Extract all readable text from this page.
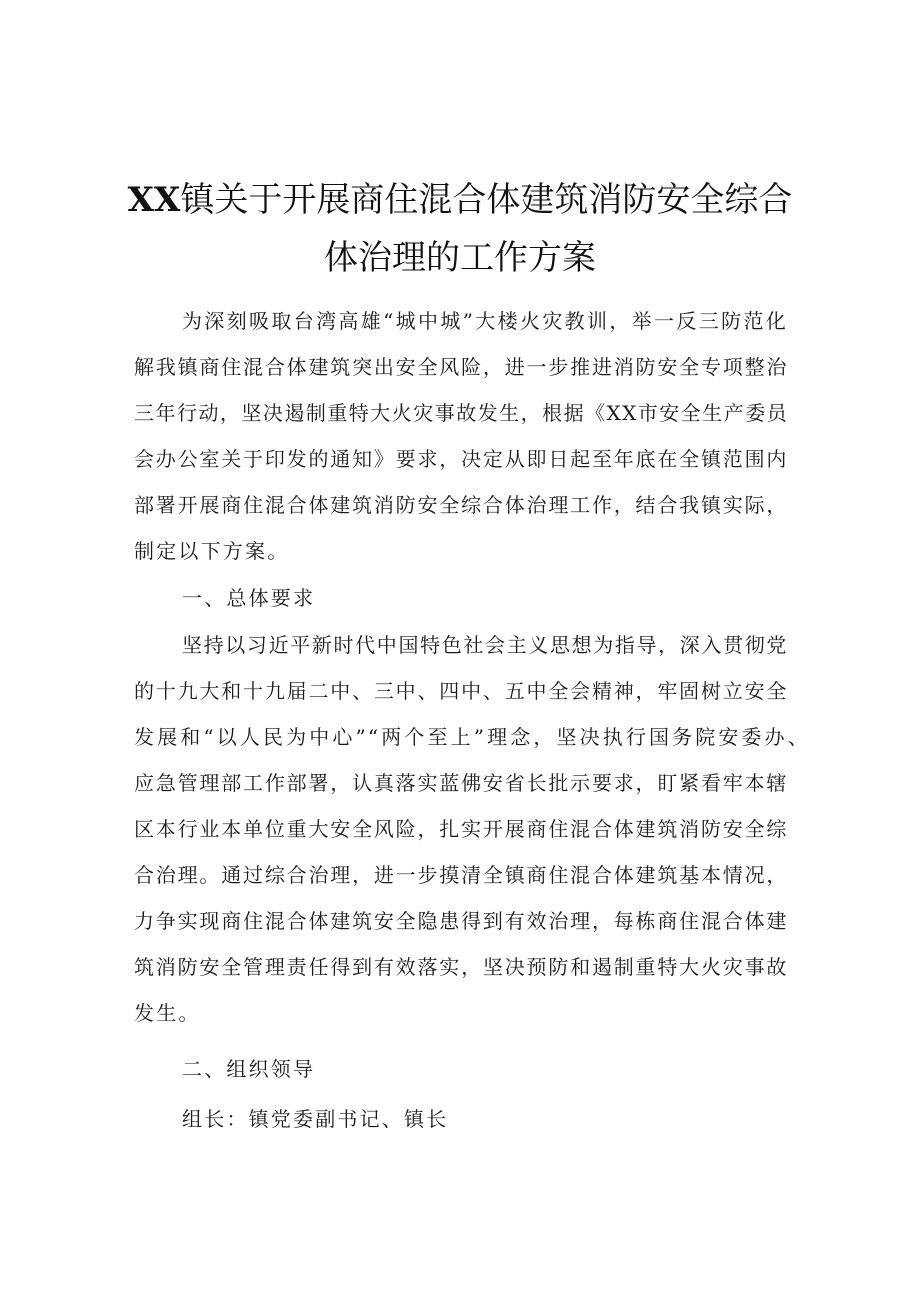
XX镇关于开展商住混合体建筑消防安全综合
体治理的工作方案

为深刻吸取台湾高雄“城中城”大楼火灾教训，举一反三防范化

解我镇商住混合体建筑突出安全风险，进一步推进消防安全专项整治

三年行动，坚决遏制重特大火灾事故发生，根据《XX市安全生产委员

会办公室关于印发的通知》要求，决定从即日起至年底在全镇范围内

部署开展商住混合体建筑消防安全综合体治理工作，结合我镇实际，

制定以下方案。

一、总体要求

坚持以习近平新时代中国特色社会主义思想为指导，深入贯彻党

的十九大和十九届二中、三中、四中、五中全会精神，牢固树立安全

发展和“以人民为中心”“两个至上”理念，坚决执行国务院安委办、

应急管理部工作部署，认真落实蓝佛安省长批示要求，盯紧看牢本辖

区本行业本单位重大安全风险，扎实开展商住混合体建筑消防安全综

合治理。通过综合治理，进一步摸清全镇商住混合体建筑基本情况，

力争实现商住混合体建筑安全隐患得到有效治理，每栋商住混合体建

筑消防安全管理责任得到有效落实，坚决预防和遏制重特大火灾事故

发生。

二、组织领导

组长：镇党委副书记、镇长
